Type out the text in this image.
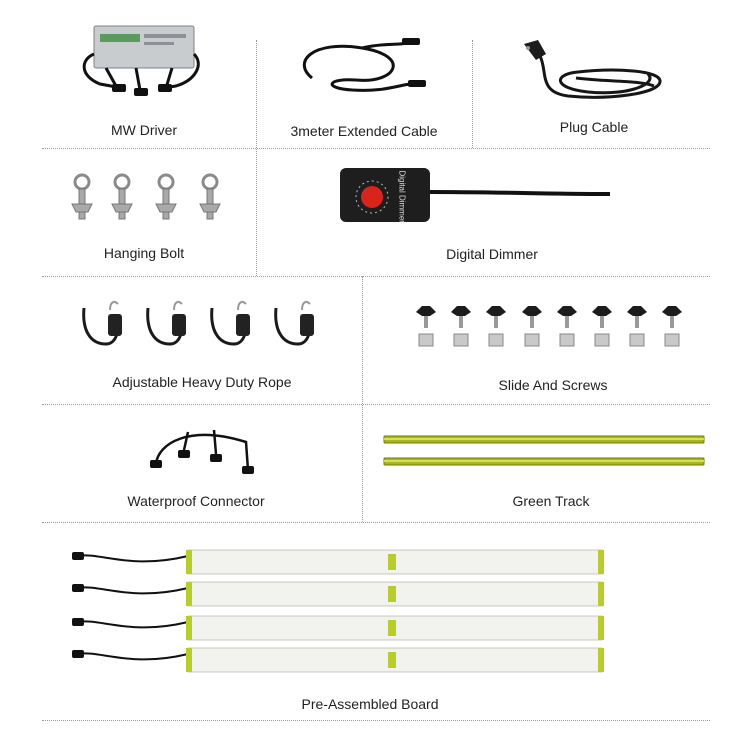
MW Driver	3meter Extended Cable	Plug Cable
Hanging Bolt
Digital Dimmer
Digital Dimmer
Adjustable Heavy Duty Rope	Slide And Screws
Waterproof Connector	Green Track
Pre-Assembled Board
